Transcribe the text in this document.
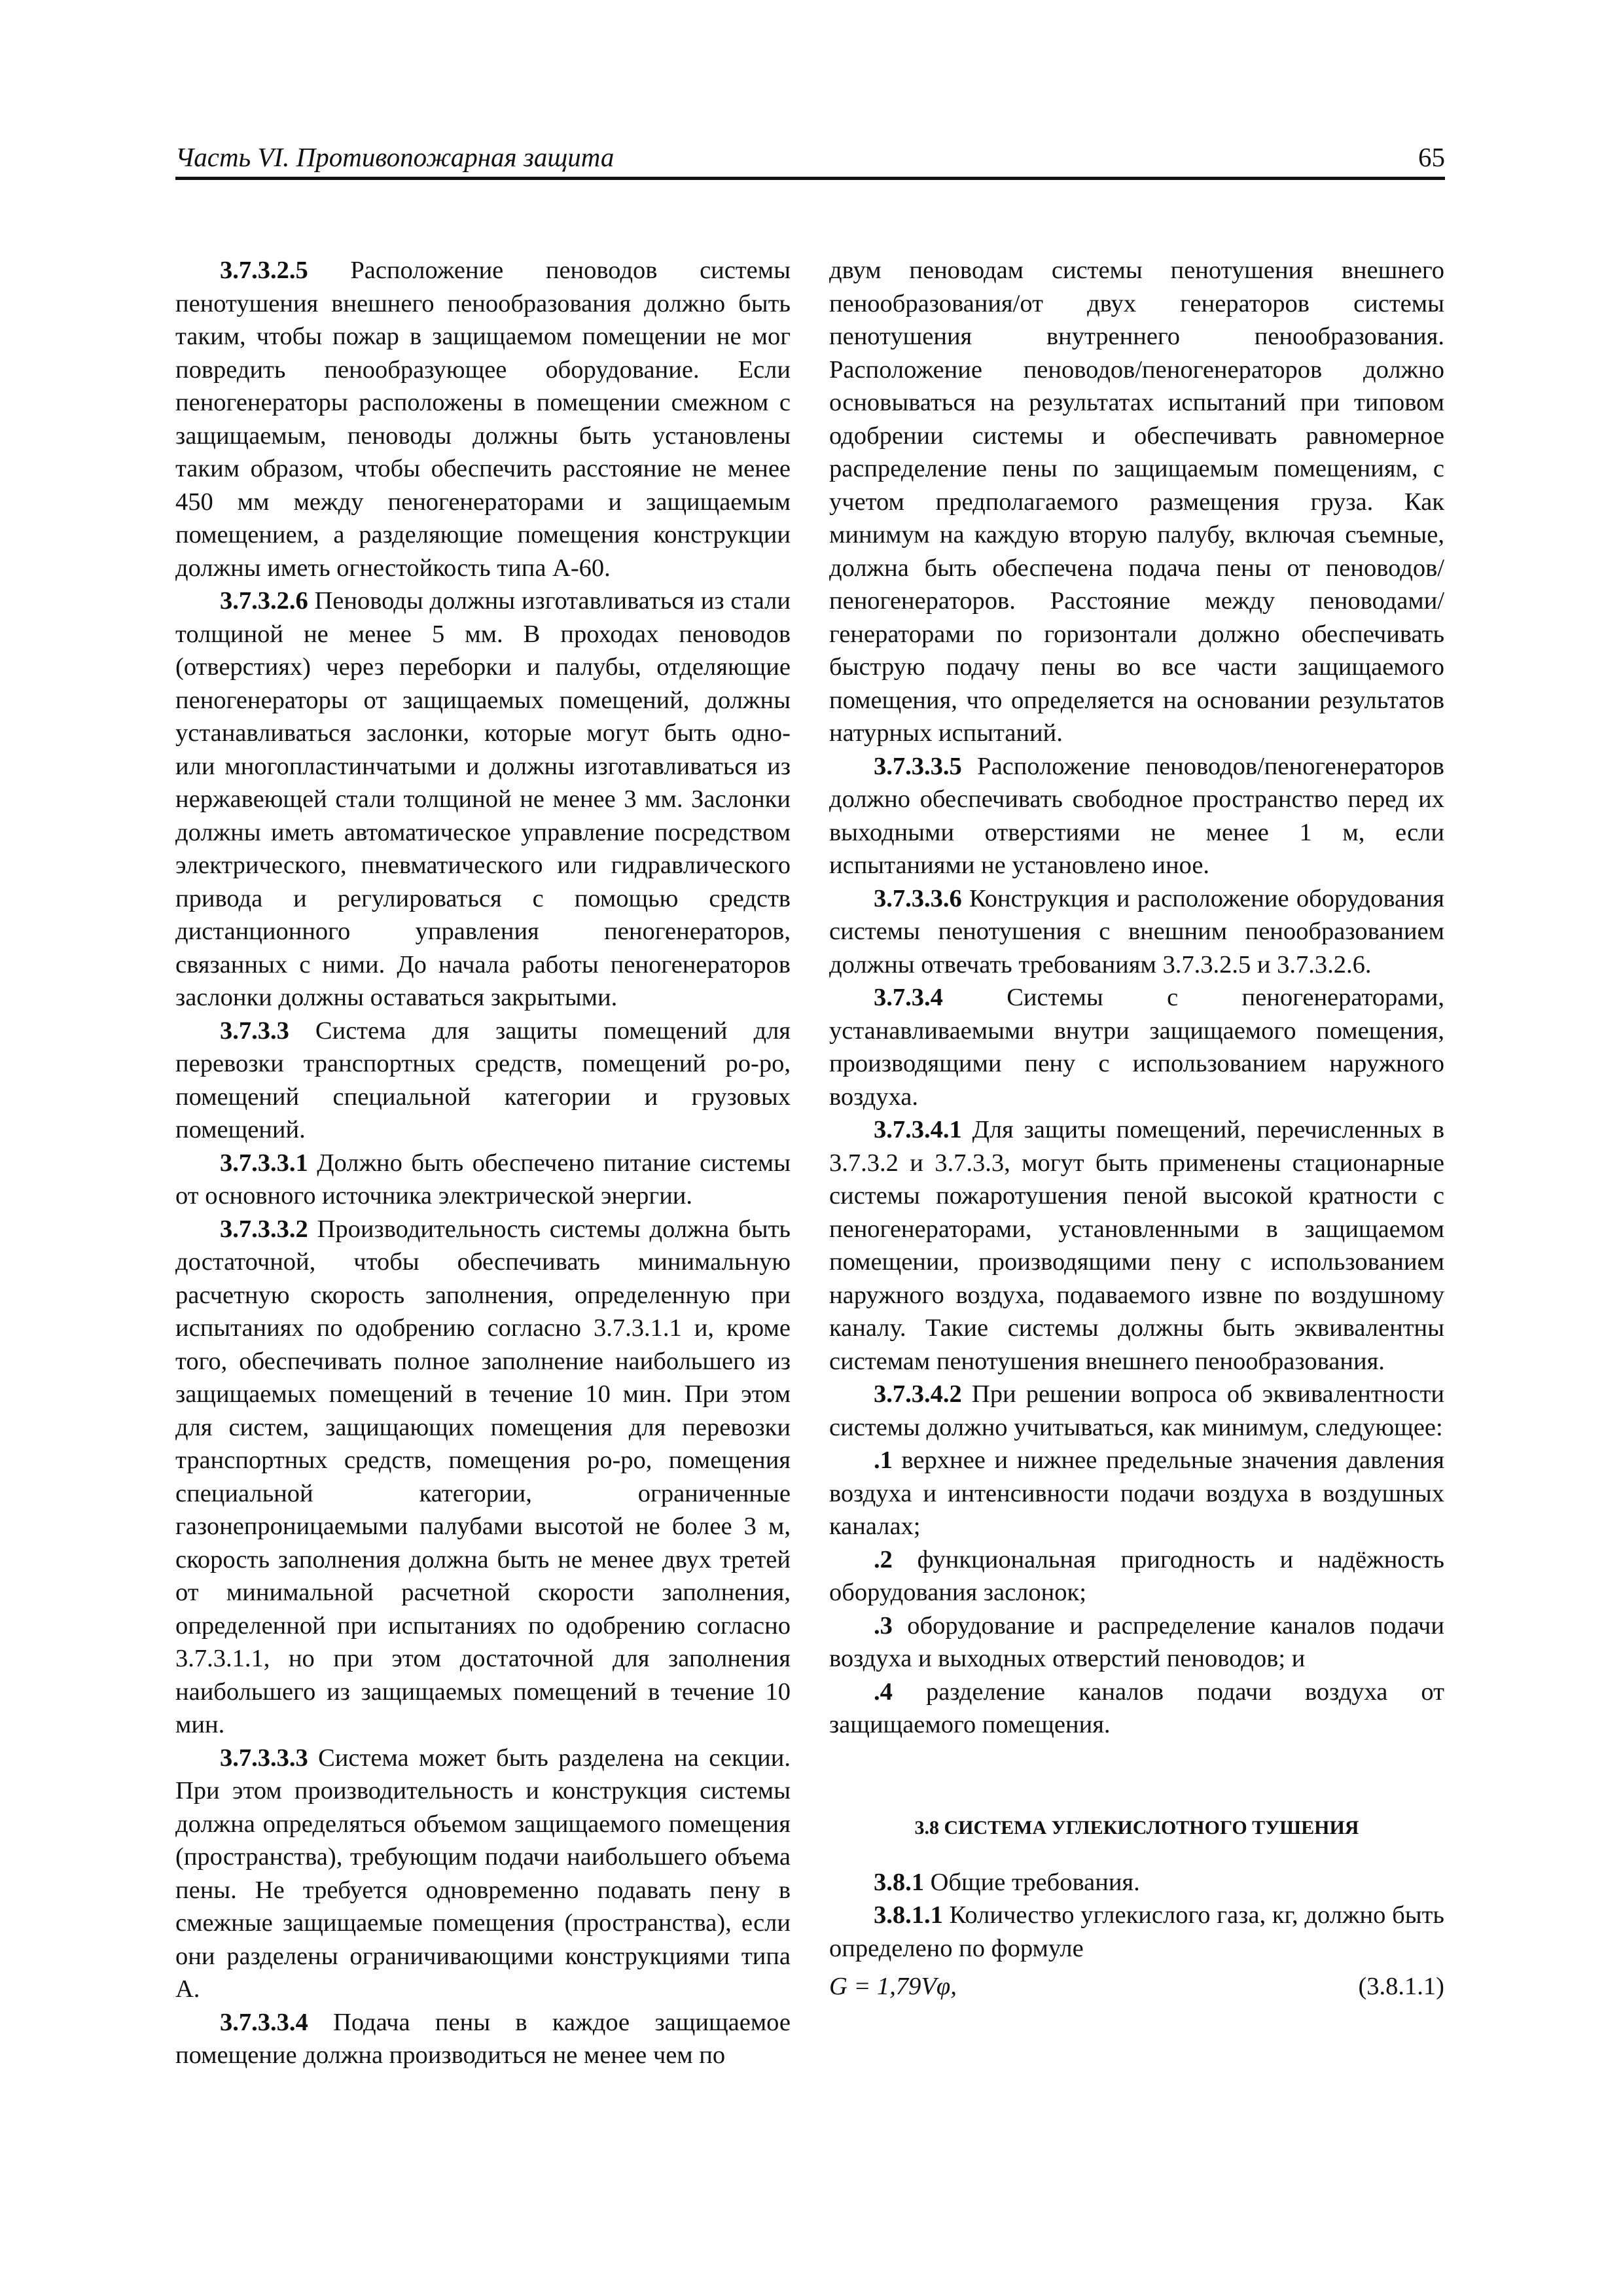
Часть VI. Противопожарная защита	65

3.7.3.2.5 Расположение пеноводов системы пенотушения внешнего пенообразования должно быть таким, чтобы пожар в защищаемом помещении не мог повредить пенообразующее оборудование. Если пеногенераторы расположены в помещении смежном с защищаемым, пеноводы должны быть установлены таким образом, чтобы обеспечить расстояние не менее 450 мм между пеногенераторами и защищаемым помещением, а разделяющие помещения конструкции должны иметь огнестойкость типа А-60.

3.7.3.2.6 Пеноводы должны изготавливаться из стали толщиной не менее 5 мм. В проходах пеноводов (отверстиях) через переборки и палубы, отделяющие пеногенераторы от защищаемых помещений, должны устанавливаться заслонки, которые могут быть одно- или многопластинчатыми и должны изготавливаться из нержавеющей стали толщиной не менее 3 мм. Заслонки должны иметь автоматическое управление посредством электрического, пневматического или гидравлического привода и регулироваться с помощью средств дистанционного управления пеногенераторов, связанных с ними. До начала работы пеногенераторов заслонки должны оставаться закрытыми.

3.7.3.3 Система для защиты помещений для перевозки транспортных средств, помещений ро-ро, помещений специальной категории и грузовых помещений.

3.7.3.3.1 Должно быть обеспечено питание системы от основного источника электрической энергии.

3.7.3.3.2 Производительность системы должна быть достаточной, чтобы обеспечивать минимальную расчетную скорость заполнения, определенную при испытаниях по одобрению согласно 3.7.3.1.1 и, кроме того, обеспечивать полное заполнение наибольшего из защищаемых помещений в течение 10 мин. При этом для систем, защищающих помещения для перевозки транспортных средств, помещения ро-ро, помещения специальной категории, ограниченные газонепроницаемыми палубами высотой не более 3 м, скорость заполнения должна быть не менее двух третей от минимальной расчетной скорости заполнения, определенной при испытаниях по одобрению согласно 3.7.3.1.1, но при этом достаточной для заполнения наибольшего из защищаемых помещений в течение 10 мин.

3.7.3.3.3 Система может быть разделена на секции. При этом производительность и конструкция системы должна определяться объемом защищаемого помещения (пространства), требующим подачи наибольшего объема пены. Не требуется одновременно подавать пену в смежные защищаемые помещения (пространства), если они разделены ограничивающими конструкциями типа А.

3.7.3.3.4 Подача пены в каждое защищаемое помещение должна производиться не менее чем по

двум пеноводам системы пенотушения внешнего пенообразования/от двух генераторов системы пенотушения внутреннего пенообразования. Расположение пеноводов/пеногенераторов должно основываться на результатах испытаний при типовом одобрении системы и обеспечивать равномерное распределение пены по защищаемым помещениям, с учетом предполагаемого размещения груза. Как минимум на каждую вторую палубу, включая съемные, должна быть обеспечена подача пены от пеноводов/пеногенераторов. Расстояние между пеноводами/генераторами по горизонтали должно обеспечивать быструю подачу пены во все части защищаемого помещения, что определяется на основании результатов натурных испытаний.

3.7.3.3.5 Расположение пеноводов/пеногенераторов должно обеспечивать свободное пространство перед их выходными отверстиями не менее 1 м, если испытаниями не установлено иное.

3.7.3.3.6 Конструкция и расположение оборудования системы пенотушения с внешним пенообразованием должны отвечать требованиям 3.7.3.2.5 и 3.7.3.2.6.

3.7.3.4 Системы с пеногенераторами, устанавливаемыми внутри защищаемого помещения, производящими пену с использованием наружного воздуха.

3.7.3.4.1 Для защиты помещений, перечисленных в 3.7.3.2 и 3.7.3.3, могут быть применены стационарные системы пожаротушения пеной высокой кратности с пеногенераторами, установленными в защищаемом помещении, производящими пену с использованием наружного воздуха, подаваемого извне по воздушному каналу. Такие системы должны быть эквивалентны системам пенотушения внешнего пенообразования.

3.7.3.4.2 При решении вопроса об эквивалентности системы должно учитываться, как минимум, следующее:

.1 верхнее и нижнее предельные значения давления воздуха и интенсивности подачи воздуха в воздушных каналах;

.2 функциональная пригодность и надёжность оборудования заслонок;

.3 оборудование и распределение каналов подачи воздуха и выходных отверстий пеноводов; и

.4 разделение каналов подачи воздуха от защищаемого помещения.

3.8 СИСТЕМА УГЛЕКИСЛОТНОГО ТУШЕНИЯ

3.8.1 Общие требования.

3.8.1.1 Количество углекислого газа, кг, должно быть определено по формуле

G = 1,79Vφ,	(3.8.1.1)
